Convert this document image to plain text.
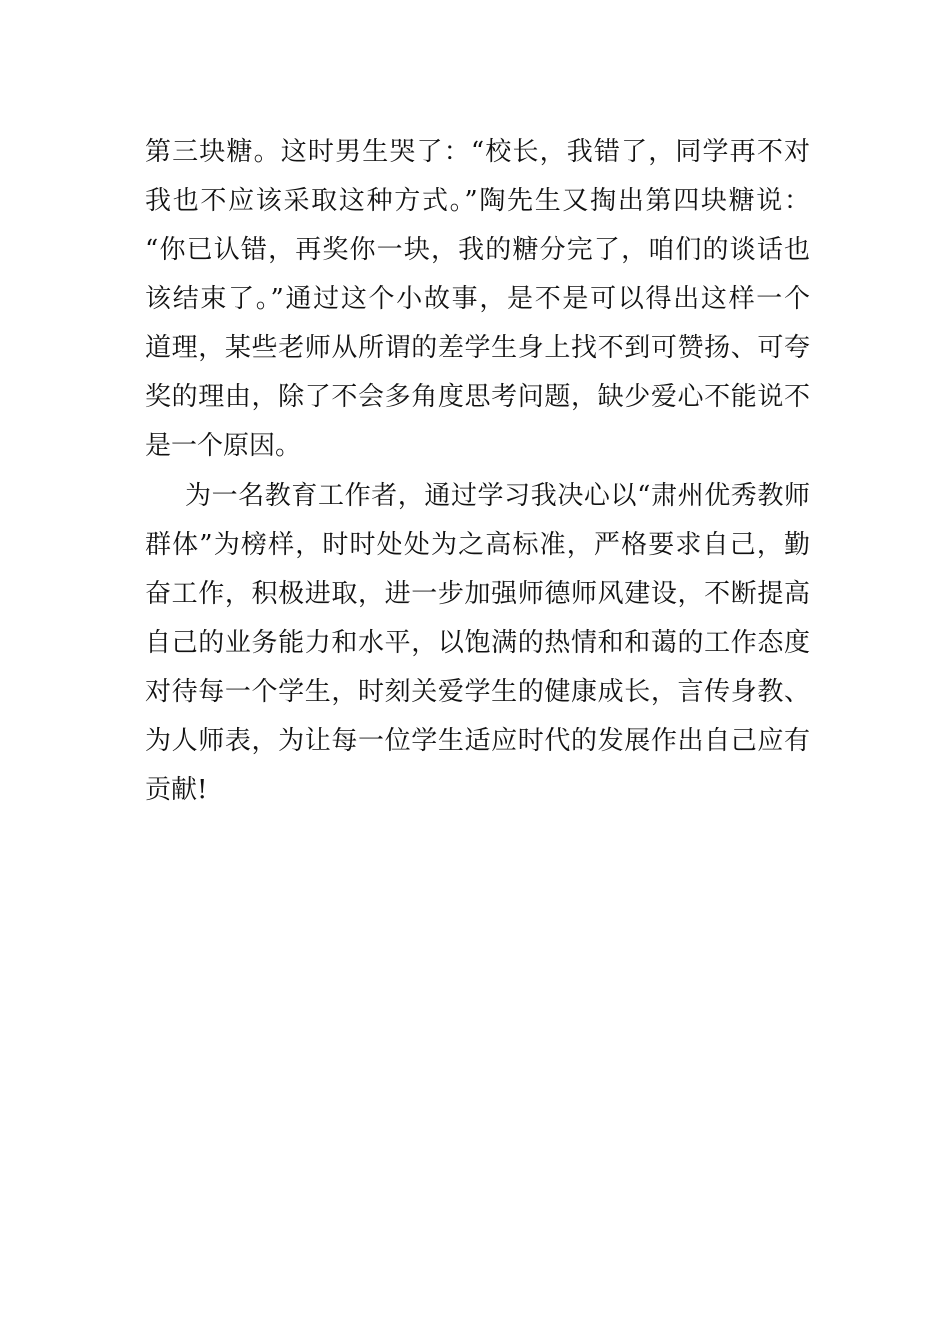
第三块糖。这时男生哭了：“校长，我错了，同学再不对
我也不应该采取这种方式。”陶先生又掏出第四块糖说：
“你已认错，再奖你一块，我的糖分完了，咱们的谈话也
该结束了。”通过这个小故事，是不是可以得出这样一个
道理，某些老师从所谓的差学生身上找不到可赞扬、可夸
奖的理由，除了不会多角度思考问题，缺少爱心不能说不
是一个原因。
为一名教育工作者，通过学习我决心以“肃州优秀教师
群体”为榜样，时时处处为之高标准，严格要求自己，勤
奋工作，积极进取，进一步加强师德师风建设，不断提高
自己的业务能力和水平，以饱满的热情和和蔼的工作态度
对待每一个学生，时刻关爱学生的健康成长，言传身教、
为人师表，为让每一位学生适应时代的发展作出自己应有
贡献!
